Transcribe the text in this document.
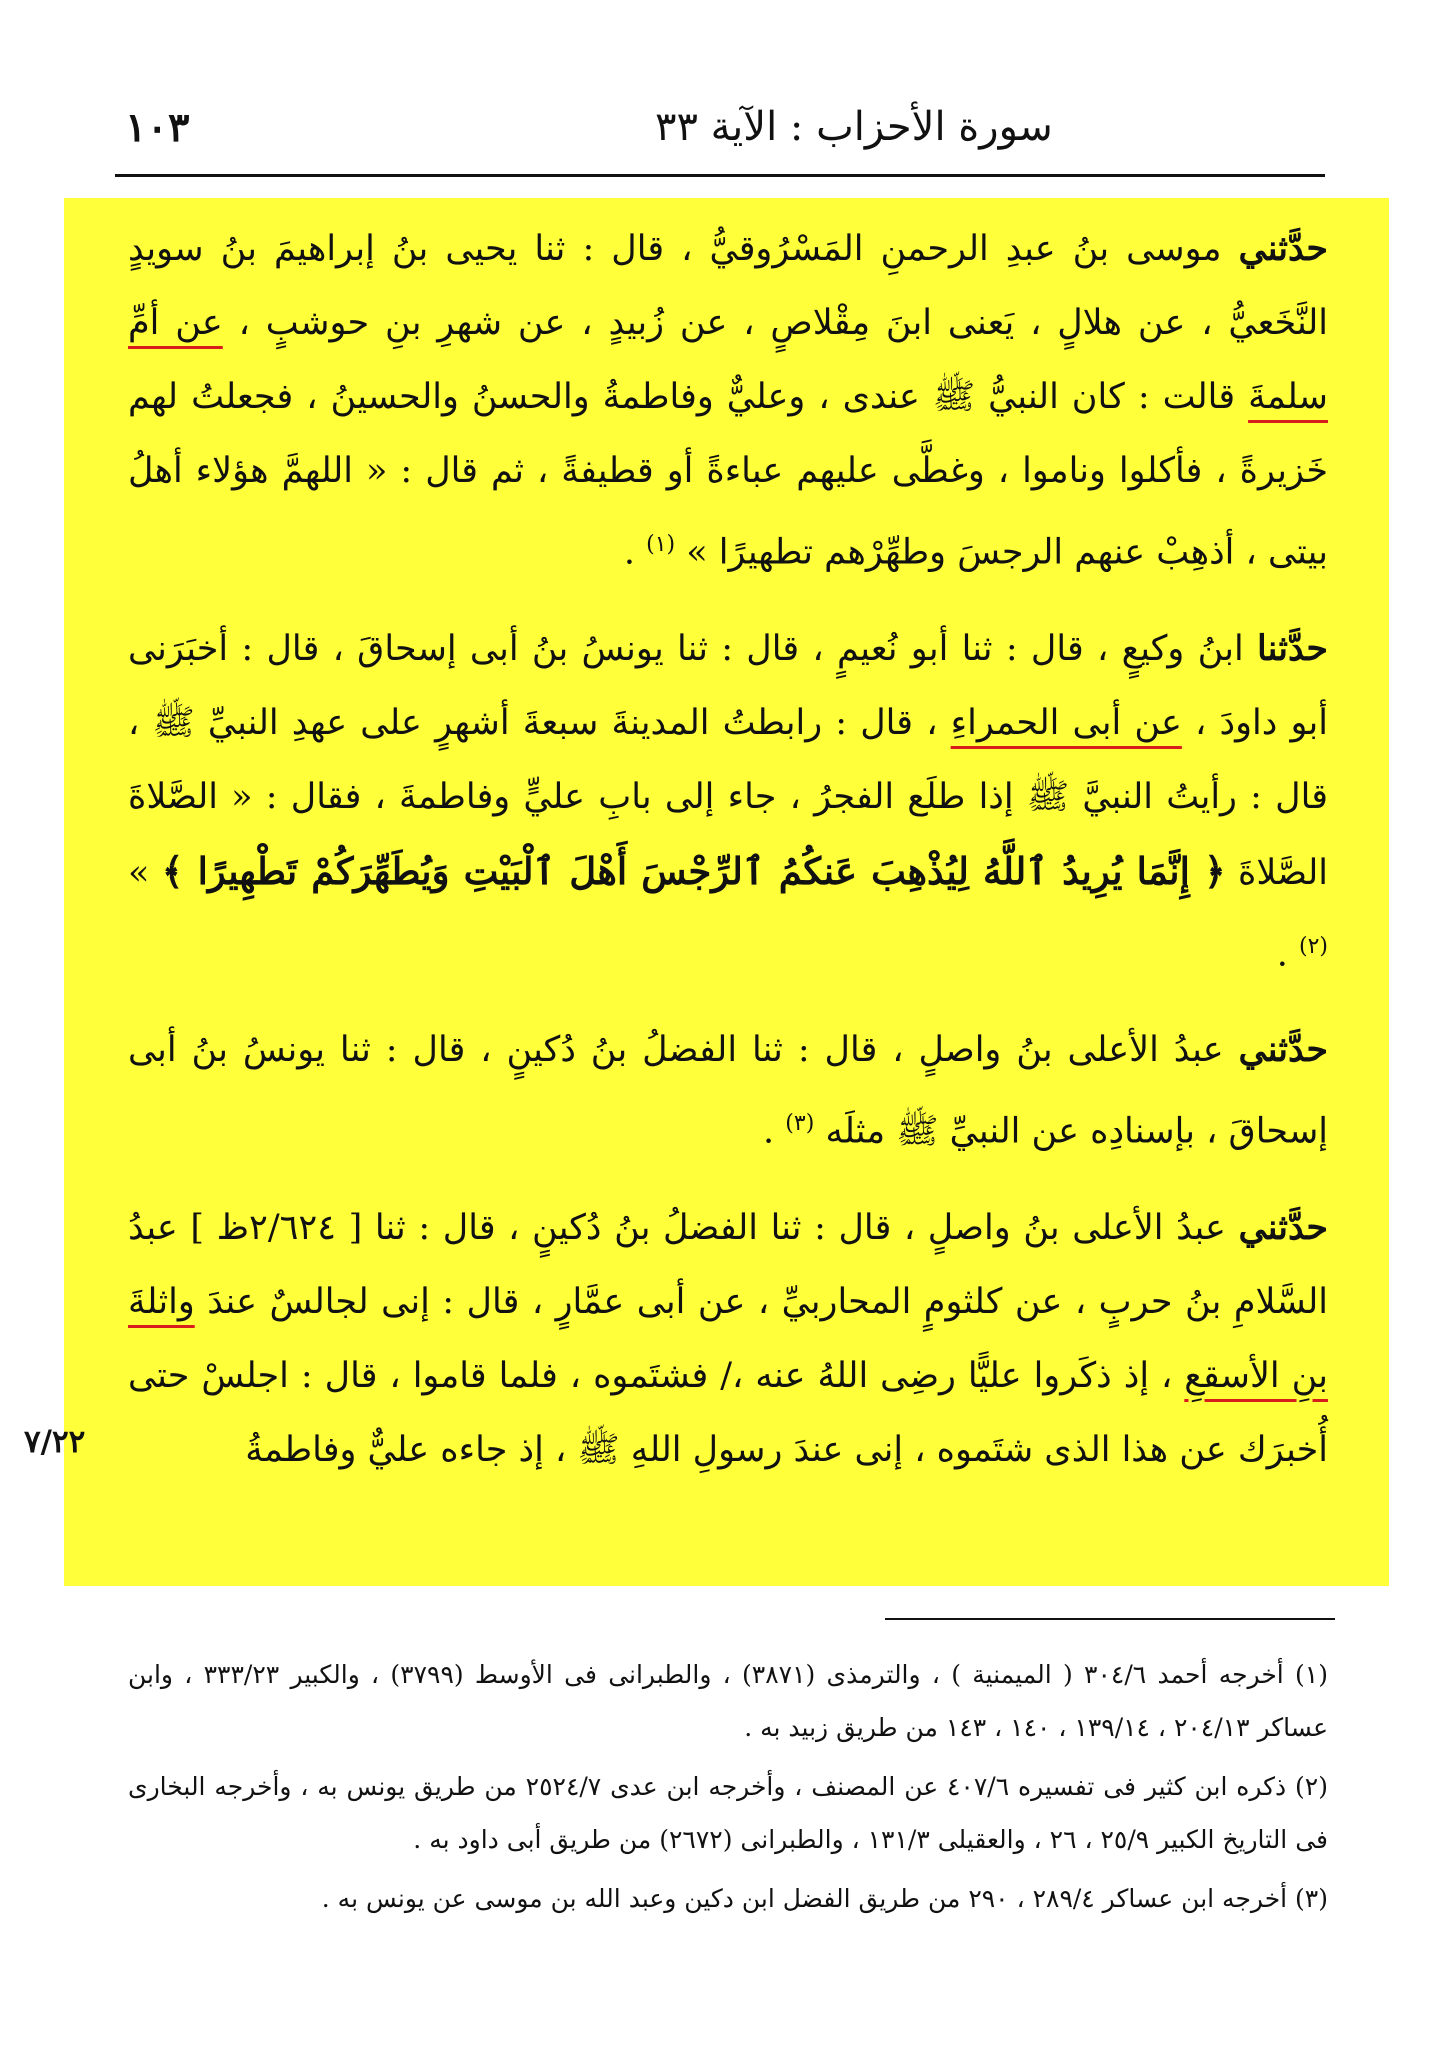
١٠٣	سورة الأحزاب : الآية ٣٣

حدَّثني موسى بنُ عبدِ الرحمنِ المَسْرُوقيُّ ، قال : ثنا يحيى بنُ إبراهيمَ بنُ سويدٍ النَّخَعيُّ ، عن هلالٍ ، يَعنى ابنَ مِقْلاصٍ ، عن زُبيدٍ ، عن شهرِ بنِ حوشبٍ ، عن أمِّ سلمةَ قالت : كان النبيُّ ﷺ عندى ، وعليٌّ وفاطمةُ والحسنُ والحسينُ ، فجعلتُ لهم خَزيرةً ، فأكلوا وناموا ، وغطَّى عليهم عباءةً أو قطيفةً ، ثم قال : « اللهمَّ هؤلاء أهلُ بيتى ، أذهِبْ عنهم الرجسَ وطهِّرْهم تطهيرًا » $^{(١)}$ .

حدَّثنا ابنُ وكيعٍ ، قال : ثنا أبو نُعيمٍ ، قال : ثنا يونسُ بنُ أبى إسحاقَ ، قال : أخبَرَنى أبو داودَ ، عن أبى الحمراءِ ، قال : رابطتُ المدينةَ سبعةَ أشهرٍ على عهدِ النبيِّ ﷺ ، قال : رأيتُ النبيَّ ﷺ إذا طلَع الفجرُ ، جاء إلى بابِ عليٍّ وفاطمةَ ، فقال : « الصَّلاةَ الصَّلاةَ ﴿ إِنَّمَا يُرِيدُ ٱللَّهُ لِيُذْهِبَ عَنكُمُ ٱلرِّجْسَ أَهْلَ ٱلْبَيْتِ وَيُطَهِّرَكُمْ تَطْهِيرًا ﴾ » $^{(٢)}$ .

حدَّثني عبدُ الأعلى بنُ واصلٍ ، قال : ثنا الفضلُ بنُ دُكينٍ ، قال : ثنا يونسُ بنُ أبى إسحاقَ ، بإسنادِه عن النبيِّ ﷺ مثلَه $^{(٣)}$ .

حدَّثني عبدُ الأعلى بنُ واصلٍ ، قال : ثنا الفضلُ بنُ دُكينٍ ، قال : ثنا [ ٢/٦٢٤ظ ] عبدُ السَّلامِ بنُ حربٍ ، عن كلثومٍ المحاربيِّ ، عن أبى عمَّارٍ ، قال : إنى لجالسٌ عندَ واثلةَ بنِ الأسقعِ ، إذ ذكَروا عليًّا رضِى اللهُ عنه ،/ فشتَموه ، فلما قاموا ، قال : اجلسْ حتى أُخبرَك عن هذا الذى شتَموه ، إنى عندَ رسولِ اللهِ ﷺ ، إذ جاءه عليٌّ وفاطمةُ

٧/٢٢

(١) أخرجه أحمد ٣٠٤/٦ ( الميمنية ) ، والترمذى (٣٨٧١) ، والطبرانى فى الأوسط (٣٧٩٩) ، والكبير ٣٣٣/٢٣ ، وابن عساكر ٢٠٤/١٣ ، ١٣٩/١٤ ، ١٤٠ ، ١٤٣ من طريق زبيد به .

(٢) ذكره ابن كثير فى تفسيره ٤٠٧/٦ عن المصنف ، وأخرجه ابن عدى ٢٥٢٤/٧ من طريق يونس به ، وأخرجه البخارى فى التاريخ الكبير ٢٥/٩ ، ٢٦ ، والعقيلى ١٣١/٣ ، والطبرانى (٢٦٧٢) من طريق أبى داود به .

(٣) أخرجه ابن عساكر ٢٨٩/٤ ، ٢٩٠ من طريق الفضل ابن دكين وعبد الله بن موسى عن يونس به .
